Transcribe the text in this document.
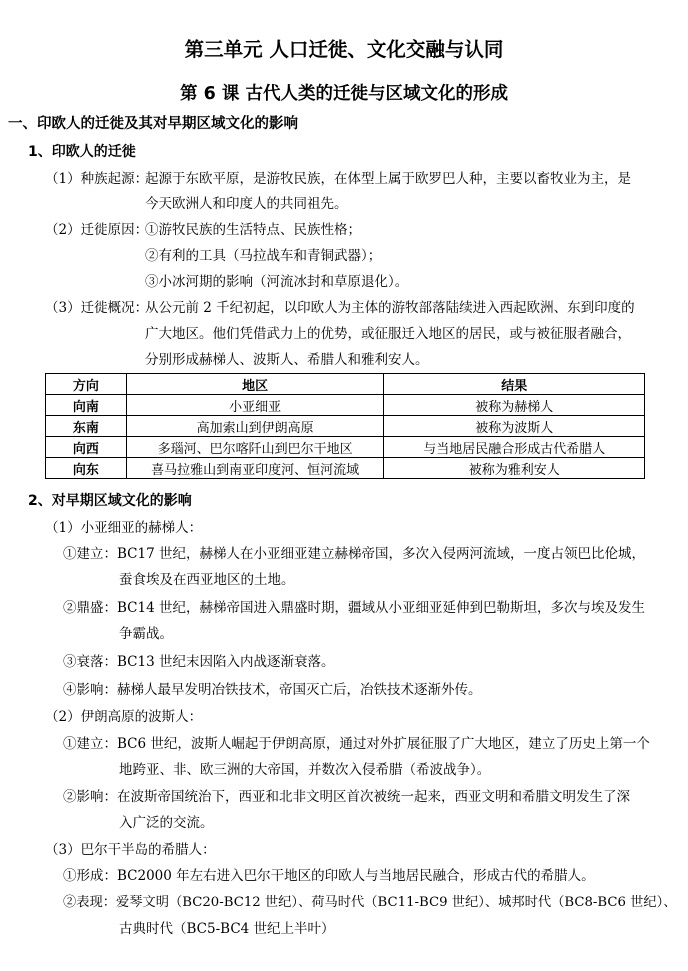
第三单元 人口迁徙、文化交融与认同
第 6 课 古代人类的迁徙与区域文化的形成
一、印欧人的迁徙及其对早期区域文化的影响
1、印欧人的迁徙
（1）种族起源：
起源于东欧平原，是游牧民族，在体型上属于欧罗巴人种，主要以畜牧业为主，是
今天欧洲人和印度人的共同祖先。
（2）迁徙原因：
①游牧民族的生活特点、民族性格；
②有利的工具（马拉战车和青铜武器）；
③小冰河期的影响（河流冰封和草原退化）。
（3）迁徙概况：
从公元前 2 千纪初起，以印欧人为主体的游牧部落陆续进入西起欧洲、东到印度的
广大地区。他们凭借武力上的优势，或征服迁入地区的居民，或与被征服者融合，
分别形成赫梯人、波斯人、希腊人和雅利安人。
方向	地区	结果
向南	小亚细亚	被称为赫梯人
东南	高加索山到伊朗高原	被称为波斯人
向西	多瑙河、巴尔喀阡山到巴尔干地区	与当地居民融合形成古代希腊人
向东	喜马拉雅山到南亚印度河、恒河流域	被称为雅利安人
2、对早期区域文化的影响
（1）小亚细亚的赫梯人：
①建立：BC17 世纪，赫梯人在小亚细亚建立赫梯帝国，多次入侵两河流域，一度占领巴比伦城，
蚕食埃及在西亚地区的土地。
②鼎盛：BC14 世纪，赫梯帝国进入鼎盛时期，疆域从小亚细亚延伸到巴勒斯坦，多次与埃及发生
争霸战。
③衰落：BC13 世纪末因陷入内战逐渐衰落。
④影响：赫梯人最早发明冶铁技术，帝国灭亡后，冶铁技术逐渐外传。
（2）伊朗高原的波斯人：
①建立：BC6 世纪，波斯人崛起于伊朗高原，通过对外扩展征服了广大地区，建立了历史上第一个
地跨亚、非、欧三洲的大帝国，并数次入侵希腊（希波战争）。
②影响：在波斯帝国统治下，西亚和北非文明区首次被统一起来，西亚文明和希腊文明发生了深
入广泛的交流。
（3）巴尔干半岛的希腊人：
①形成：BC2000 年左右进入巴尔干地区的印欧人与当地居民融合，形成古代的希腊人。
②表现：爱琴文明（BC20-BC12 世纪）、荷马时代（BC11-BC9 世纪）、城邦时代（BC8-BC6 世纪）、
古典时代（BC5-BC4 世纪上半叶）
